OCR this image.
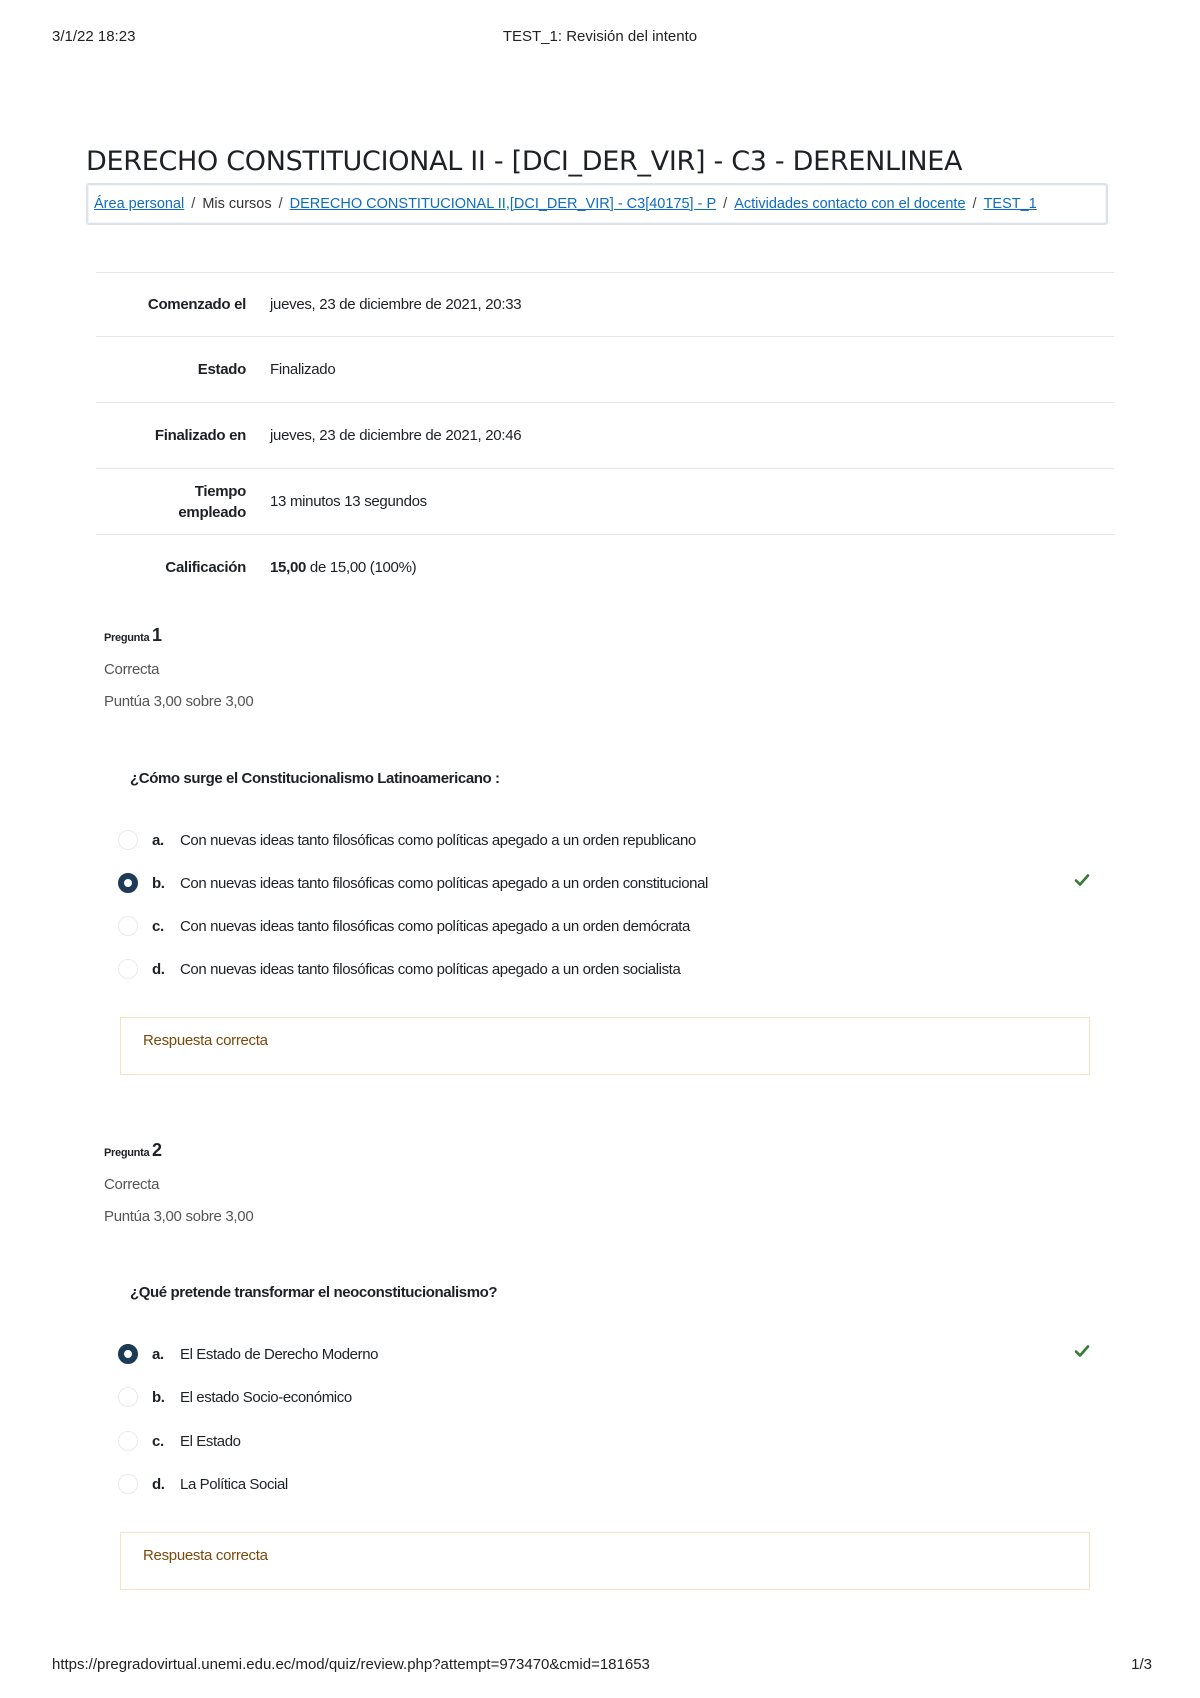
3/1/22 18:23	TEST_1: Revisión del intento
DERECHO CONSTITUCIONAL II - [DCI_DER_VIR] - C3 - DERENLINEA
Área personal / Mis cursos / DERECHO CONSTITUCIONAL II,[DCI_DER_VIR] - C3[40175] - P / Actividades contacto con el docente / TEST_1
Comenzado el	jueves, 23 de diciembre de 2021, 20:33
Estado	Finalizado
Finalizado en	jueves, 23 de diciembre de 2021, 20:46
Tiempo empleado	13 minutos 13 segundos
Calificación	15,00 de 15,00 (100%)
Pregunta 1
Correcta
Puntúa 3,00 sobre 3,00
¿Cómo surge el Constitucionalismo Latinoamericano :
a.	Con nuevas ideas tanto filosóficas como políticas apegado a un orden republicano
b.	Con nuevas ideas tanto filosóficas como políticas apegado a un orden constitucional
c.	Con nuevas ideas tanto filosóficas como políticas apegado a un orden demócrata
d.	Con nuevas ideas tanto filosóficas como políticas apegado a un orden socialista
Respuesta correcta
Pregunta 2
Correcta
Puntúa 3,00 sobre 3,00
¿Qué pretende transformar el neoconstitucionalismo?
a.	El Estado de Derecho Moderno
b.	El estado Socio-económico
c.	El Estado
d.	La Política Social
Respuesta correcta
https://pregradovirtual.unemi.edu.ec/mod/quiz/review.php?attempt=973470&cmid=181653	1/3
